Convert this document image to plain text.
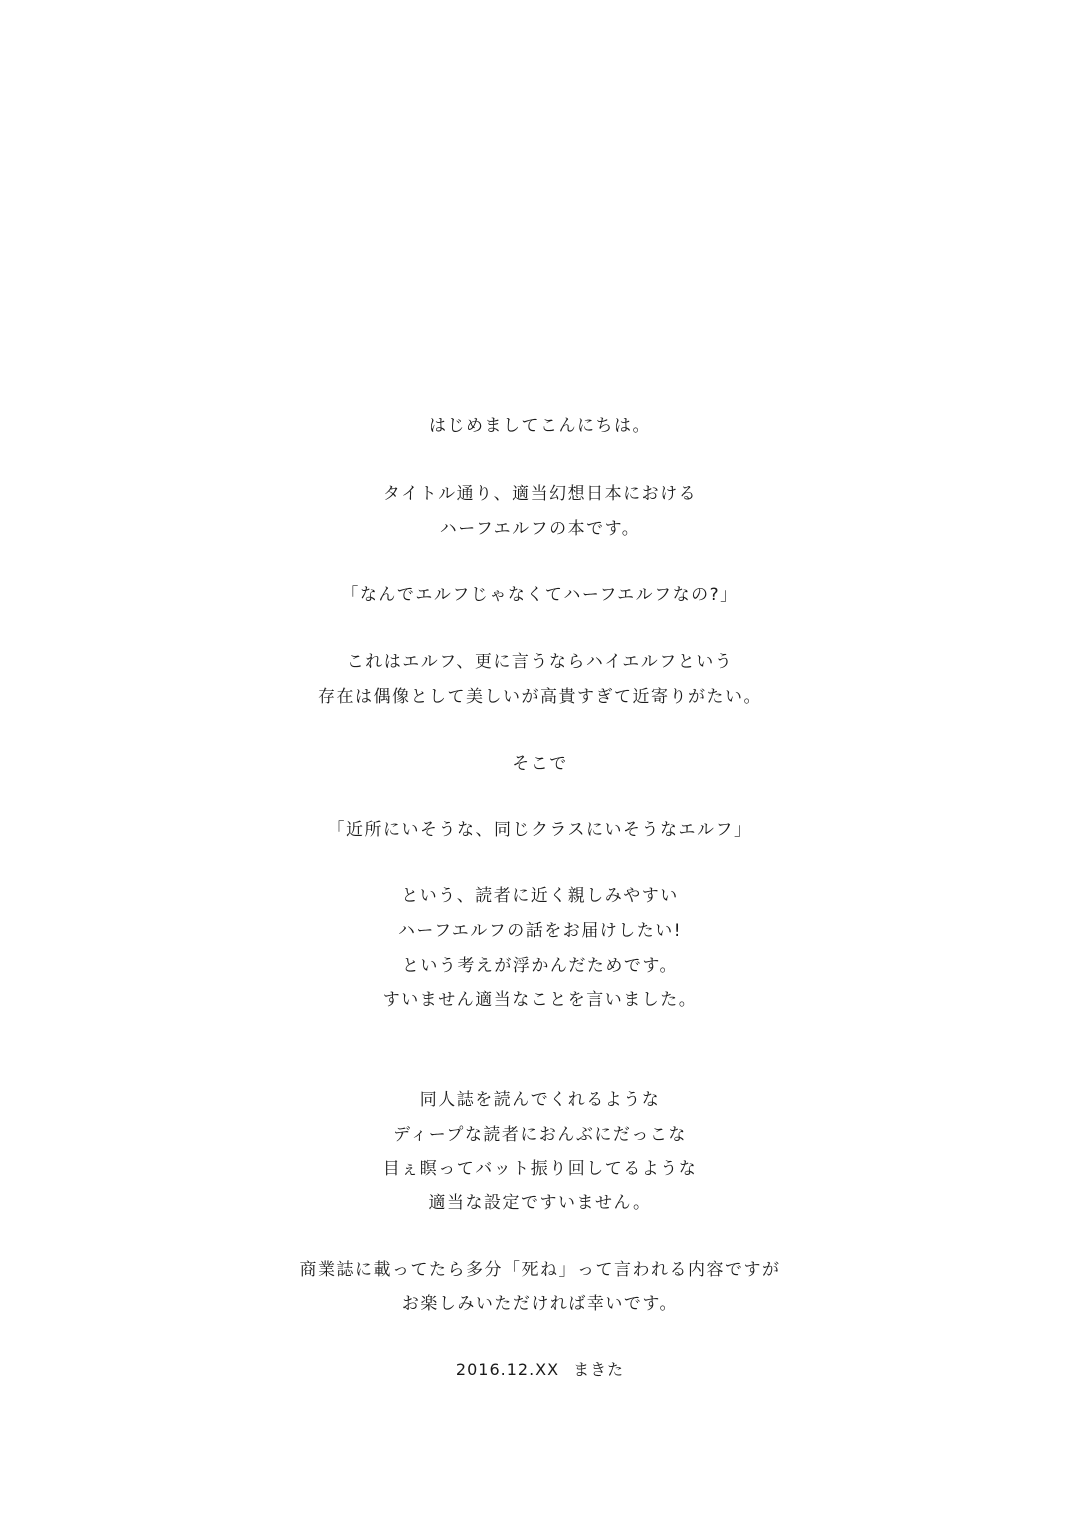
はじめましてこんにちは。
タイトル通り、適当幻想日本における
ハーフエルフの本です。
「なんでエルフじゃなくてハーフエルフなの?」
これはエルフ、更に言うならハイエルフという
存在は偶像として美しいが高貴すぎて近寄りがたい。
そこで
「近所にいそうな、同じクラスにいそうなエルフ」
という、読者に近く親しみやすい
ハーフエルフの話をお届けしたい!
という考えが浮かんだためです。
すいません適当なことを言いました。
同人誌を読んでくれるような
ディープな読者におんぶにだっこな
目ぇ瞑ってバット振り回してるような
適当な設定ですいません。
商業誌に載ってたら多分「死ね」って言われる内容ですが
お楽しみいただければ幸いです。
2016.12.XX まきた
